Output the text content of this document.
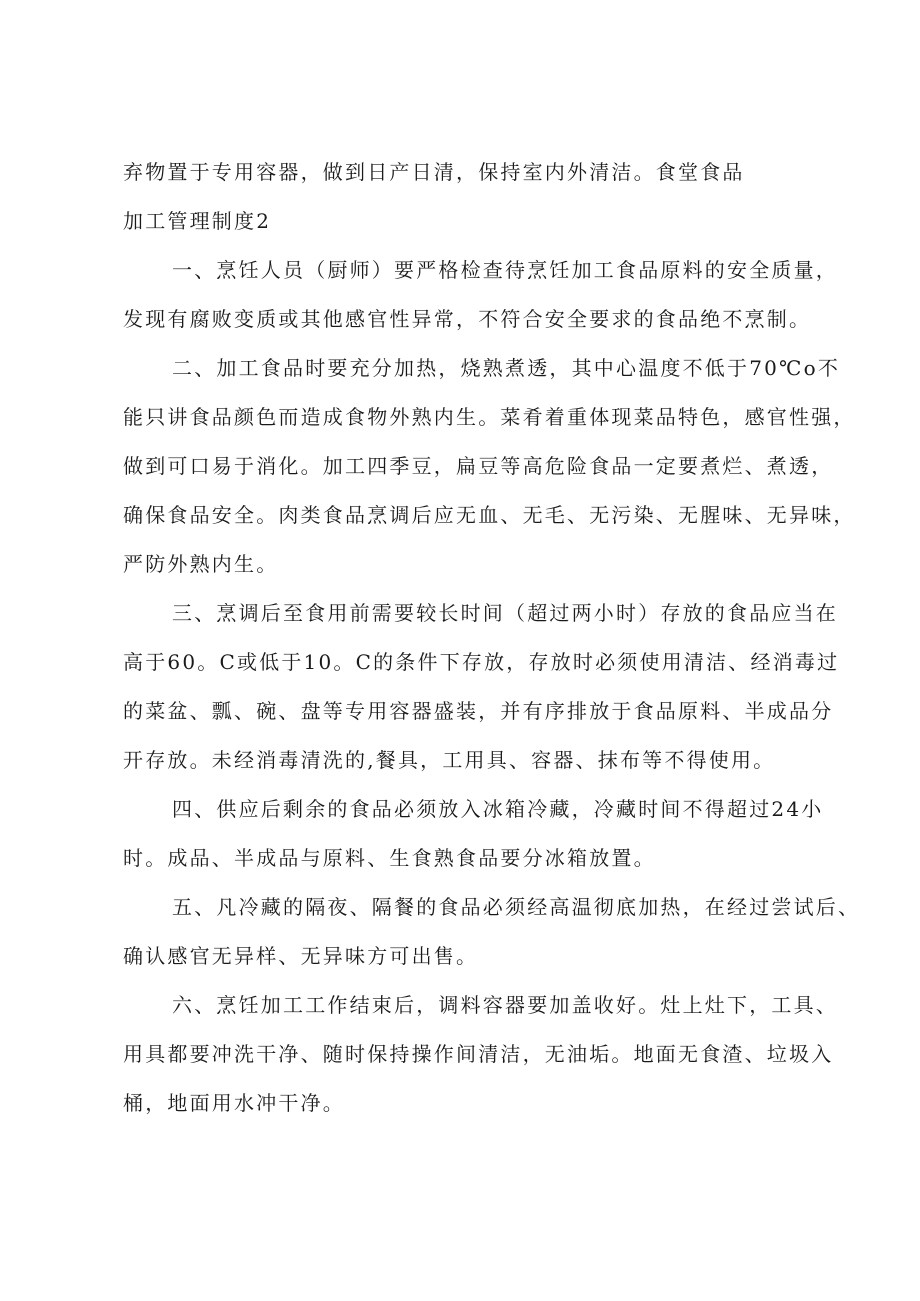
弃物置于专用容器，做到日产日清，保持室内外清洁。食堂食品

加工管理制度2

一、烹饪人员（厨师）要严格检查待烹饪加工食品原料的安全质量，

发现有腐败变质或其他感官性异常，不符合安全要求的食品绝不烹制。

二、加工食品时要充分加热，烧熟煮透，其中心温度不低于70℃o不

能只讲食品颜色而造成食物外熟内生。菜肴着重体现菜品特色，感官性强，

做到可口易于消化。加工四季豆，扁豆等高危险食品一定要煮烂、煮透，

确保食品安全。肉类食品烹调后应无血、无毛、无污染、无腥味、无异味，

严防外熟内生。

三、烹调后至食用前需要较长时间（超过两小时）存放的食品应当在

高于60。C或低于10。C的条件下存放，存放时必须使用清洁、经消毒过

的菜盆、瓢、碗、盘等专用容器盛装，并有序排放于食品原料、半成品分

开存放。未经消毒清洗的,餐具，工用具、容器、抹布等不得使用。

四、供应后剩余的食品必须放入冰箱冷藏，冷藏时间不得超过24小

时。成品、半成品与原料、生食熟食品要分冰箱放置。

五、凡冷藏的隔夜、隔餐的食品必须经高温彻底加热，在经过尝试后、

确认感官无异样、无异味方可出售。

六、烹饪加工工作结束后，调料容器要加盖收好。灶上灶下，工具、

用具都要冲洗干净、随时保持操作间清洁，无油垢。地面无食渣、垃圾入

桶，地面用水冲干净。
